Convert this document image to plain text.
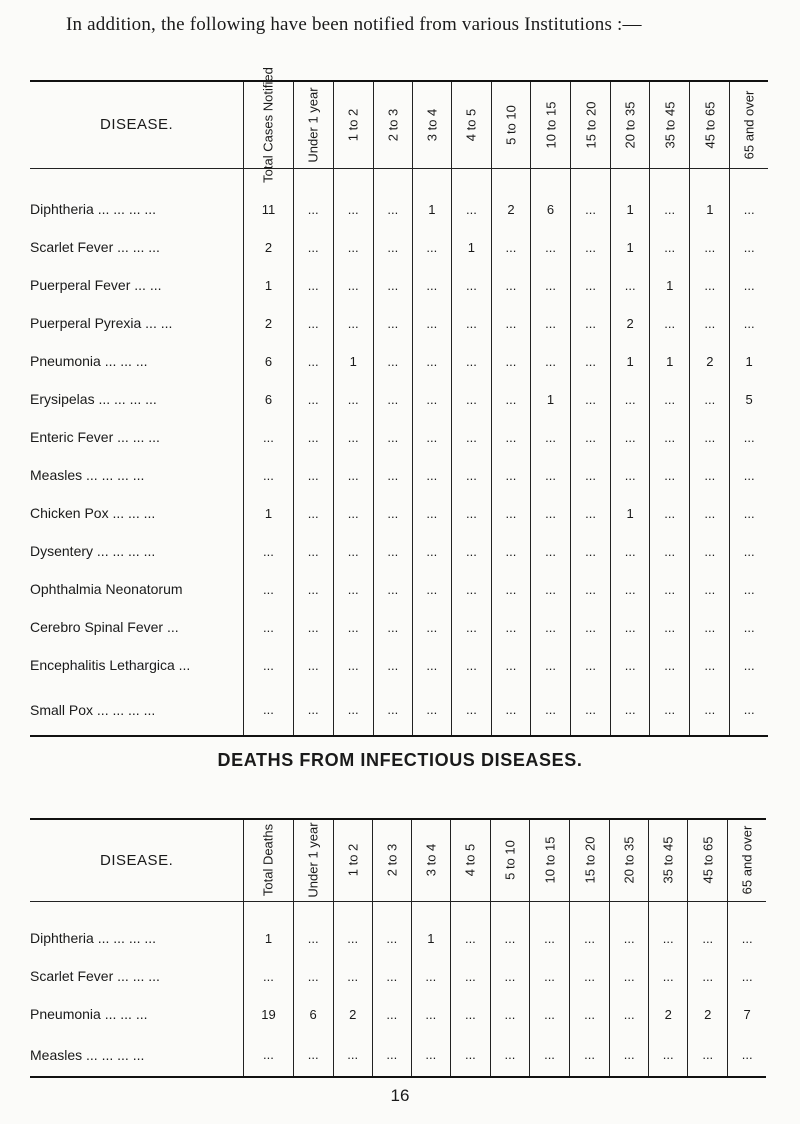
In addition, the following have been notified from various Institutions :—
DISEASE.	Total Cases Notified	Under 1 year	1 to 2	2 to 3	3 to 4	4 to 5	5 to 10	10 to 15	15 to 20	20 to 35	35 to 45	45 to 65	65 and over

Diphtheria ... ... ... ...	11	...	...	...	1	...	2	6	...	1	...	1	...
Scarlet Fever ... ... ...	2	...	...	...	...	1	...	...	...	1	...	...	...
Puerperal Fever ... ...	1	...	...	...	...	...	...	...	...	...	1	...	...
Puerperal Pyrexia ... ...	2	...	...	...	...	...	...	...	...	2	...	...	...
Pneumonia ... ... ...	6	...	1	...	...	...	...	...	...	1	1	2	1
Erysipelas ... ... ... ...	6	...	...	...	...	...	...	1	...	...	...	...	5
Enteric Fever ... ... ...	...	...	...	...	...	...	...	...	...	...	...	...	...
Measles ... ... ... ...	...	...	...	...	...	...	...	...	...	...	...	...	...
Chicken Pox ... ... ...	1	...	...	...	...	...	...	...	...	1	...	...	...
Dysentery ... ... ... ...	...	...	...	...	...	...	...	...	...	...	...	...	...
Ophthalmia Neonatorum	...	...	...	...	...	...	...	...	...	...	...	...	...
Cerebro Spinal Fever ...	...	...	...	...	...	...	...	...	...	...	...	...	...
Encephalitis Lethargica ...	...	...	...	...	...	...	...	...	...	...	...	...	...
Small Pox ... ... ... ...	...	...	...	...	...	...	...	...	...	...	...	...	...
DEATHS FROM INFECTIOUS DISEASES.
DISEASE.	Total Deaths	Under 1 year	1 to 2	2 to 3	3 to 4	4 to 5	5 to 10	10 to 15	15 to 20	20 to 35	35 to 45	45 to 65	65 and over

Diphtheria ... ... ... ...	1	...	...	...	1	...	...	...	...	...	...	...	...
Scarlet Fever ... ... ...	...	...	...	...	...	...	...	...	...	...	...	...	...
Pneumonia ... ... ...	19	6	2	...	...	...	...	...	...	...	2	2	7
Measles ... ... ... ...	...	...	...	...	...	...	...	...	...	...	...	...	...
16
